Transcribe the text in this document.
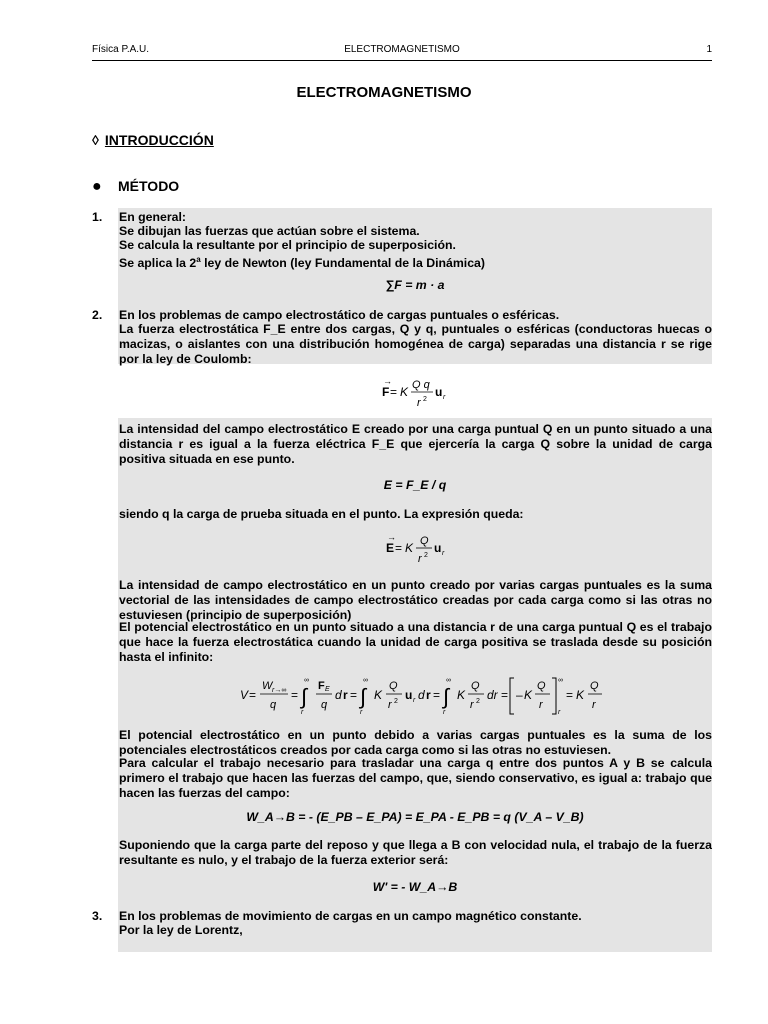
Física P.A.U.	ELECTROMAGNETISMO	1
ELECTROMAGNETISMO
◊ INTRODUCCIÓN
● MÉTODO
1. En general:
Se dibujan las fuerzas que actúan sobre el sistema.
Se calcula la resultante por el principio de superposición.
Se aplica la 2$^a$ ley de Newton (ley Fundamental de la Dinámica)
∑F = m · a
2. En los problemas de campo electrostático de cargas puntuales o esféricas.
La fuerza electrostática F_E entre dos cargas, Q y q, puntuales o esféricas (conductoras huecas o macizas, o aislantes con una distribución homogénea de carga) separadas una distancia r se rige por la ley de Coulomb:
F
→
= K Q q
r 2
u r
La intensidad del campo electrostático E creado por una carga puntual Q en un punto situado a una distancia r es igual a la fuerza eléctrica F_E que ejercería la carga Q sobre la unidad de carga positiva situada en ese punto.
E = F_E / q
siendo q la carga de prueba situada en el punto. La expresión queda:
E
→
= K Q
r 2
u r
La intensidad de campo electrostático en un punto creado por varias cargas puntuales es la suma vectorial de las intensidades de campo electrostático creadas por cada carga como si las otras no estuviesen (principio de superposición)
El potencial electrostático en un punto situado a una distancia r de una carga puntual Q es el trabajo que hace la fuerza electrostática cuando la unidad de carga positiva se traslada desde su posición hasta el infinito:
V =
W r→∞
q
= ∫
∞
r
F E
q
d r = ∫
∞
r
K
Q
r 2 u r d r = ∫
∞
r
K
Q
r 2 dr = – K
Q
r
∞
r
= K
Q
r
El potencial electrostático en un punto debido a varias cargas puntuales es la suma de los potenciales electrostáticos creados por cada carga como si las otras no estuviesen.
Para calcular el trabajo necesario para trasladar una carga q entre dos puntos A y B se calcula primero el trabajo que hacen las fuerzas del campo, que, siendo conservativo, es igual a: trabajo que hacen las fuerzas del campo:
W_A→B = - (E_PB – E_PA) = E_PA - E_PB = q (V_A – V_B)
Suponiendo que la carga parte del reposo y que llega a B con velocidad nula, el trabajo de la fuerza resultante es nulo, y el trabajo de la fuerza exterior será:
W' = - W_A→B
3. En los problemas de movimiento de cargas en un campo magnético constante.
Por la ley de Lorentz,
